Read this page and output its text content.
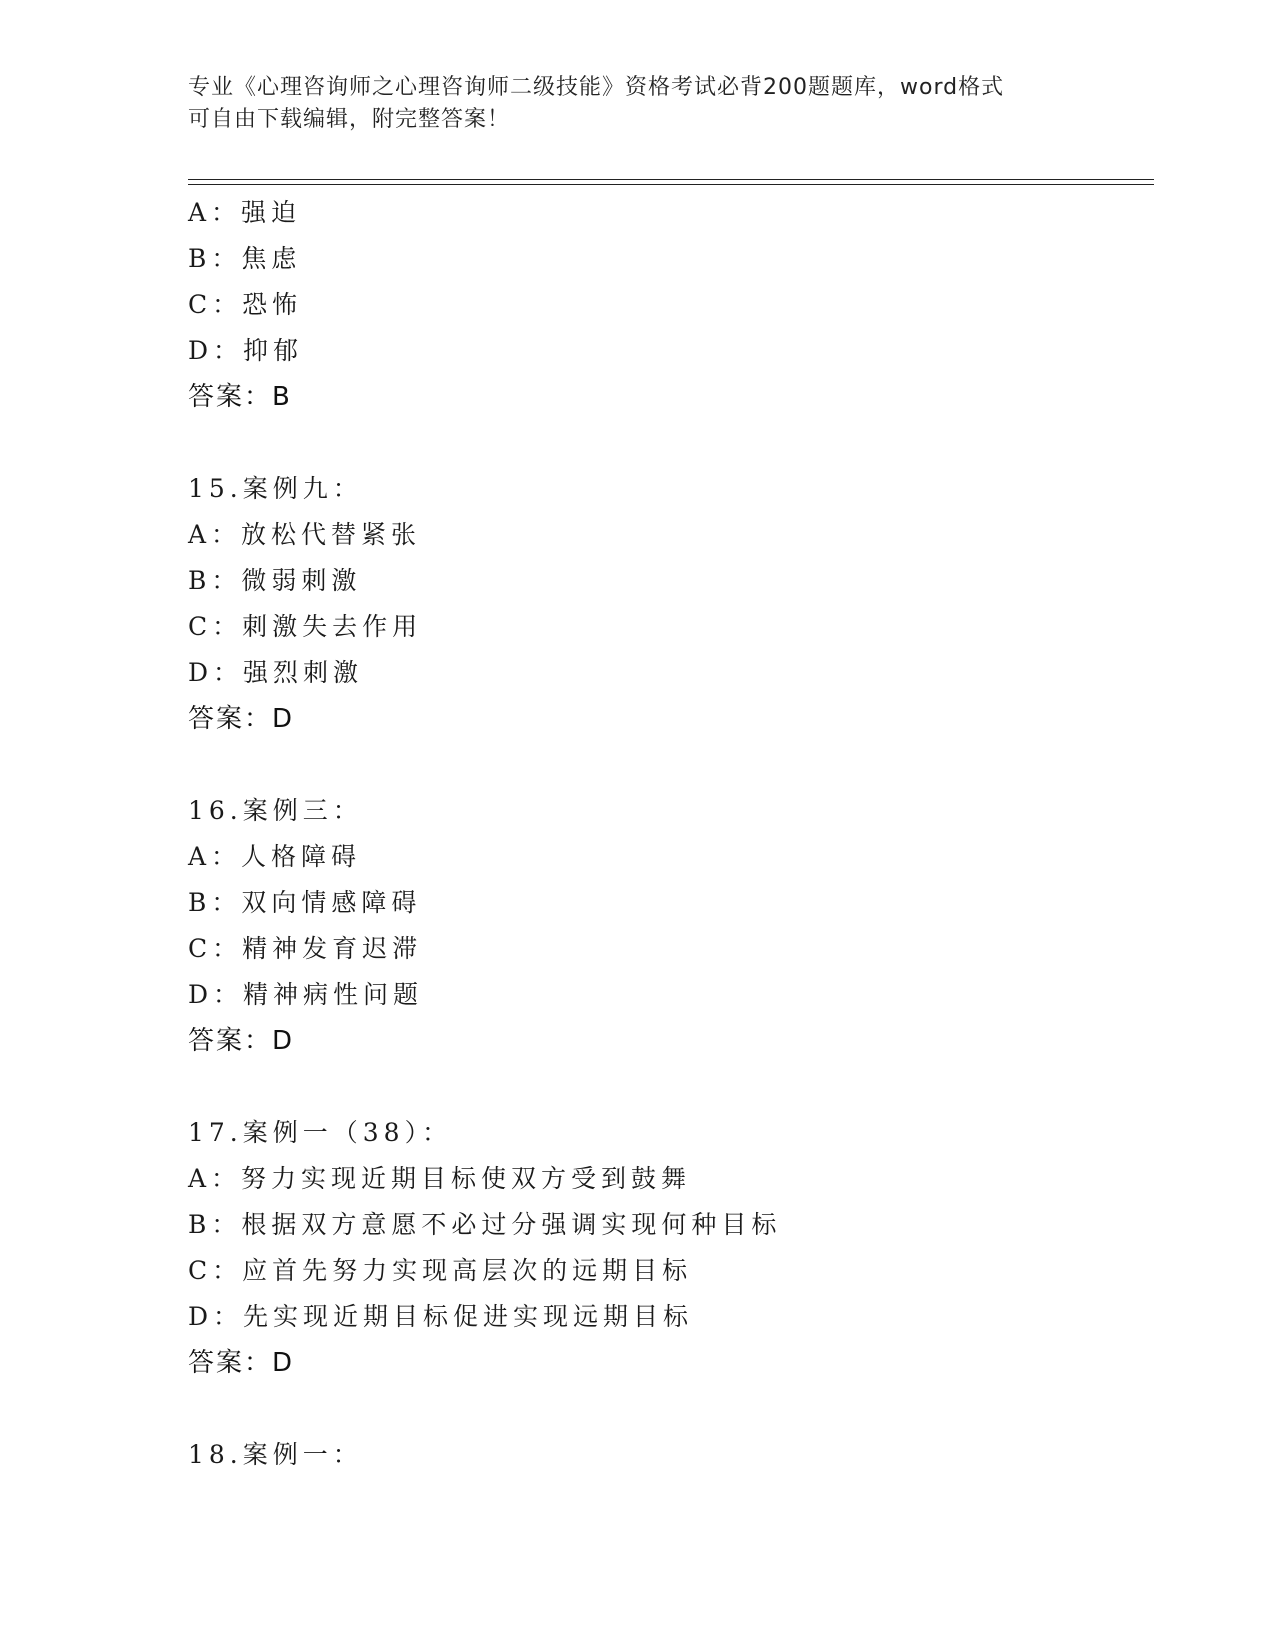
专业《心理咨询师之心理咨询师二级技能》资格考试必背200题题库，word格式
可自由下载编辑，附完整答案！
A：强迫
B：焦虑
C：恐怖
D：抑郁
答案：B
15.案例九：
A：放松代替紧张
B：微弱刺激
C：刺激失去作用
D：强烈刺激
答案：D
16.案例三：
A：人格障碍
B：双向情感障碍
C：精神发育迟滞
D：精神病性问题
答案：D
17.案例一（38）：
A：努力实现近期目标使双方受到鼓舞
B：根据双方意愿不必过分强调实现何种目标
C：应首先努力实现高层次的远期目标
D：先实现近期目标促进实现远期目标
答案：D
18.案例一：
